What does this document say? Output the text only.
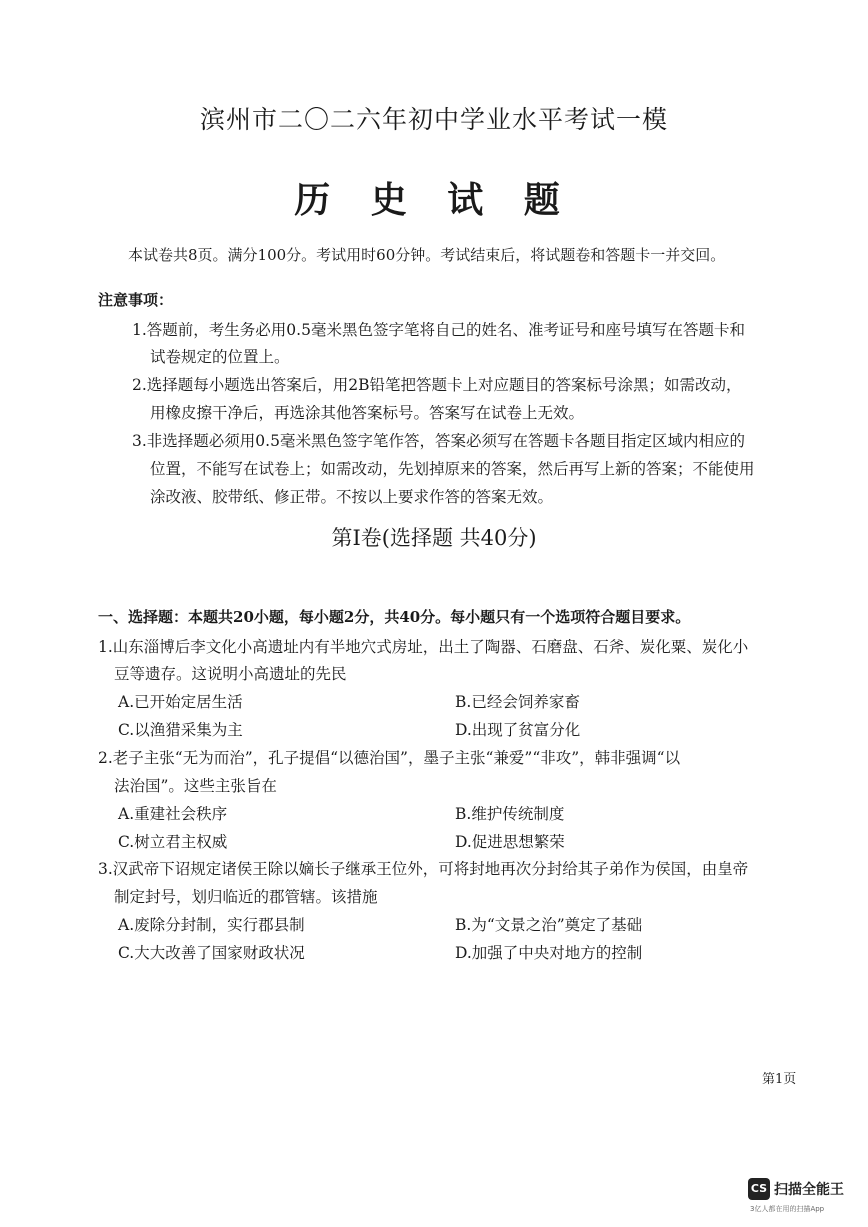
滨州市二〇二六年初中学业水平考试一模
历 史 试 题
本试卷共8页。满分100分。考试用时60分钟。考试结束后，将试题卷和答题卡一并交回。
注意事项：
1.答题前，考生务必用0.5毫米黑色签字笔将自己的姓名、准考证号和座号填写在答题卡和
试卷规定的位置上。
2.选择题每小题选出答案后，用2B铅笔把答题卡上对应题目的答案标号涂黑；如需改动，
用橡皮擦干净后，再选涂其他答案标号。答案写在试卷上无效。
3.非选择题必须用0.5毫米黑色签字笔作答，答案必须写在答题卡各题目指定区域内相应的
位置，不能写在试卷上；如需改动，先划掉原来的答案，然后再写上新的答案；不能使用
涂改液、胶带纸、修正带。不按以上要求作答的答案无效。
第Ⅰ卷(选择题 共40分)
一、选择题：本题共20小题，每小题2分，共40分。每小题只有一个选项符合题目要求。
1.山东淄博后李文化小高遗址内有半地穴式房址，出土了陶器、石磨盘、石斧、炭化粟、炭化小
豆等遗存。这说明小高遗址的先民
A.已开始定居生活	B.已经会饲养家畜
C.以渔猎采集为主	D.出现了贫富分化
2.老子主张“无为而治”，孔子提倡“以德治国”，墨子主张“兼爱”“非攻”，韩非强调“以
法治国”。这些主张旨在
A.重建社会秩序	B.维护传统制度
C.树立君主权威	D.促进思想繁荣
3.汉武帝下诏规定诸侯王除以嫡长子继承王位外，可将封地再次分封给其子弟作为侯国，由皇帝
制定封号，划归临近的郡管辖。该措施
A.废除分封制，实行郡县制	B.为“文景之治”奠定了基础
C.大大改善了国家财政状况	D.加强了中央对地方的控制
第1页
CS 扫描全能王
3亿人都在用的扫描App
